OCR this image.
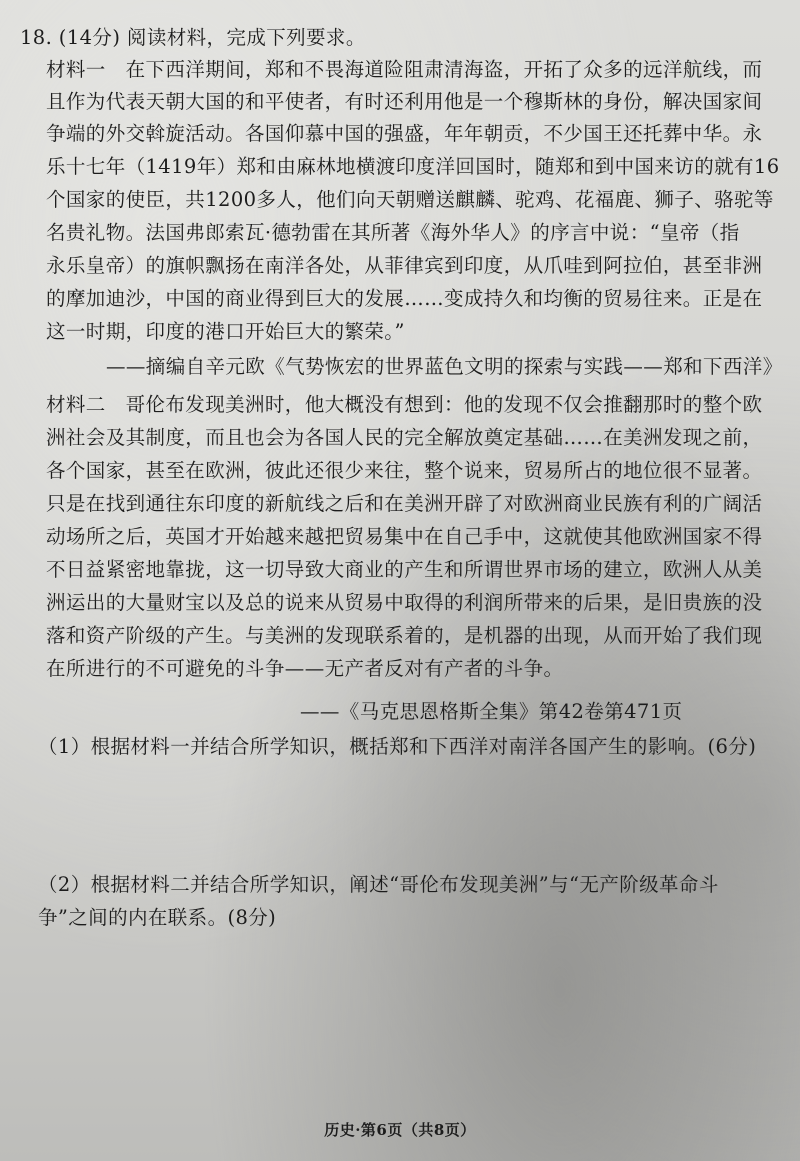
18. (14分) 阅读材料，完成下列要求。
材料一　在下西洋期间，郑和不畏海道险阻肃清海盗，开拓了众多的远洋航线，而
且作为代表天朝大国的和平使者，有时还利用他是一个穆斯林的身份，解决国家间
争端的外交斡旋活动。各国仰慕中国的强盛，年年朝贡，不少国王还托葬中华。永
乐十七年（1419年）郑和由麻林地横渡印度洋回国时，随郑和到中国来访的就有16
个国家的使臣，共1200多人，他们向天朝赠送麒麟、驼鸡、花福鹿、狮子、骆驼等
名贵礼物。法国弗郎索瓦·德勃雷在其所著《海外华人》的序言中说：“皇帝（指
永乐皇帝）的旗帜飘扬在南洋各处，从菲律宾到印度，从爪哇到阿拉伯，甚至非洲
的摩加迪沙，中国的商业得到巨大的发展……变成持久和均衡的贸易往来。正是在
这一时期，印度的港口开始巨大的繁荣。”
——摘编自辛元欧《气势恢宏的世界蓝色文明的探索与实践——郑和下西洋》
材料二　哥伦布发现美洲时，他大概没有想到：他的发现不仅会推翻那时的整个欧
洲社会及其制度，而且也会为各国人民的完全解放奠定基础……在美洲发现之前，
各个国家，甚至在欧洲，彼此还很少来往，整个说来，贸易所占的地位很不显著。
只是在找到通往东印度的新航线之后和在美洲开辟了对欧洲商业民族有利的广阔活
动场所之后，英国才开始越来越把贸易集中在自己手中，这就使其他欧洲国家不得
不日益紧密地靠拢，这一切导致大商业的产生和所谓世界市场的建立，欧洲人从美
洲运出的大量财宝以及总的说来从贸易中取得的利润所带来的后果，是旧贵族的没
落和资产阶级的产生。与美洲的发现联系着的，是机器的出现，从而开始了我们现
在所进行的不可避免的斗争——无产者反对有产者的斗争。
——《马克思恩格斯全集》第42卷第471页
（1）根据材料一并结合所学知识，概括郑和下西洋对南洋各国产生的影响。(6分)
（2）根据材料二并结合所学知识，阐述“哥伦布发现美洲”与“无产阶级革命斗
争”之间的内在联系。(8分)
历史·第6页（共8页）
